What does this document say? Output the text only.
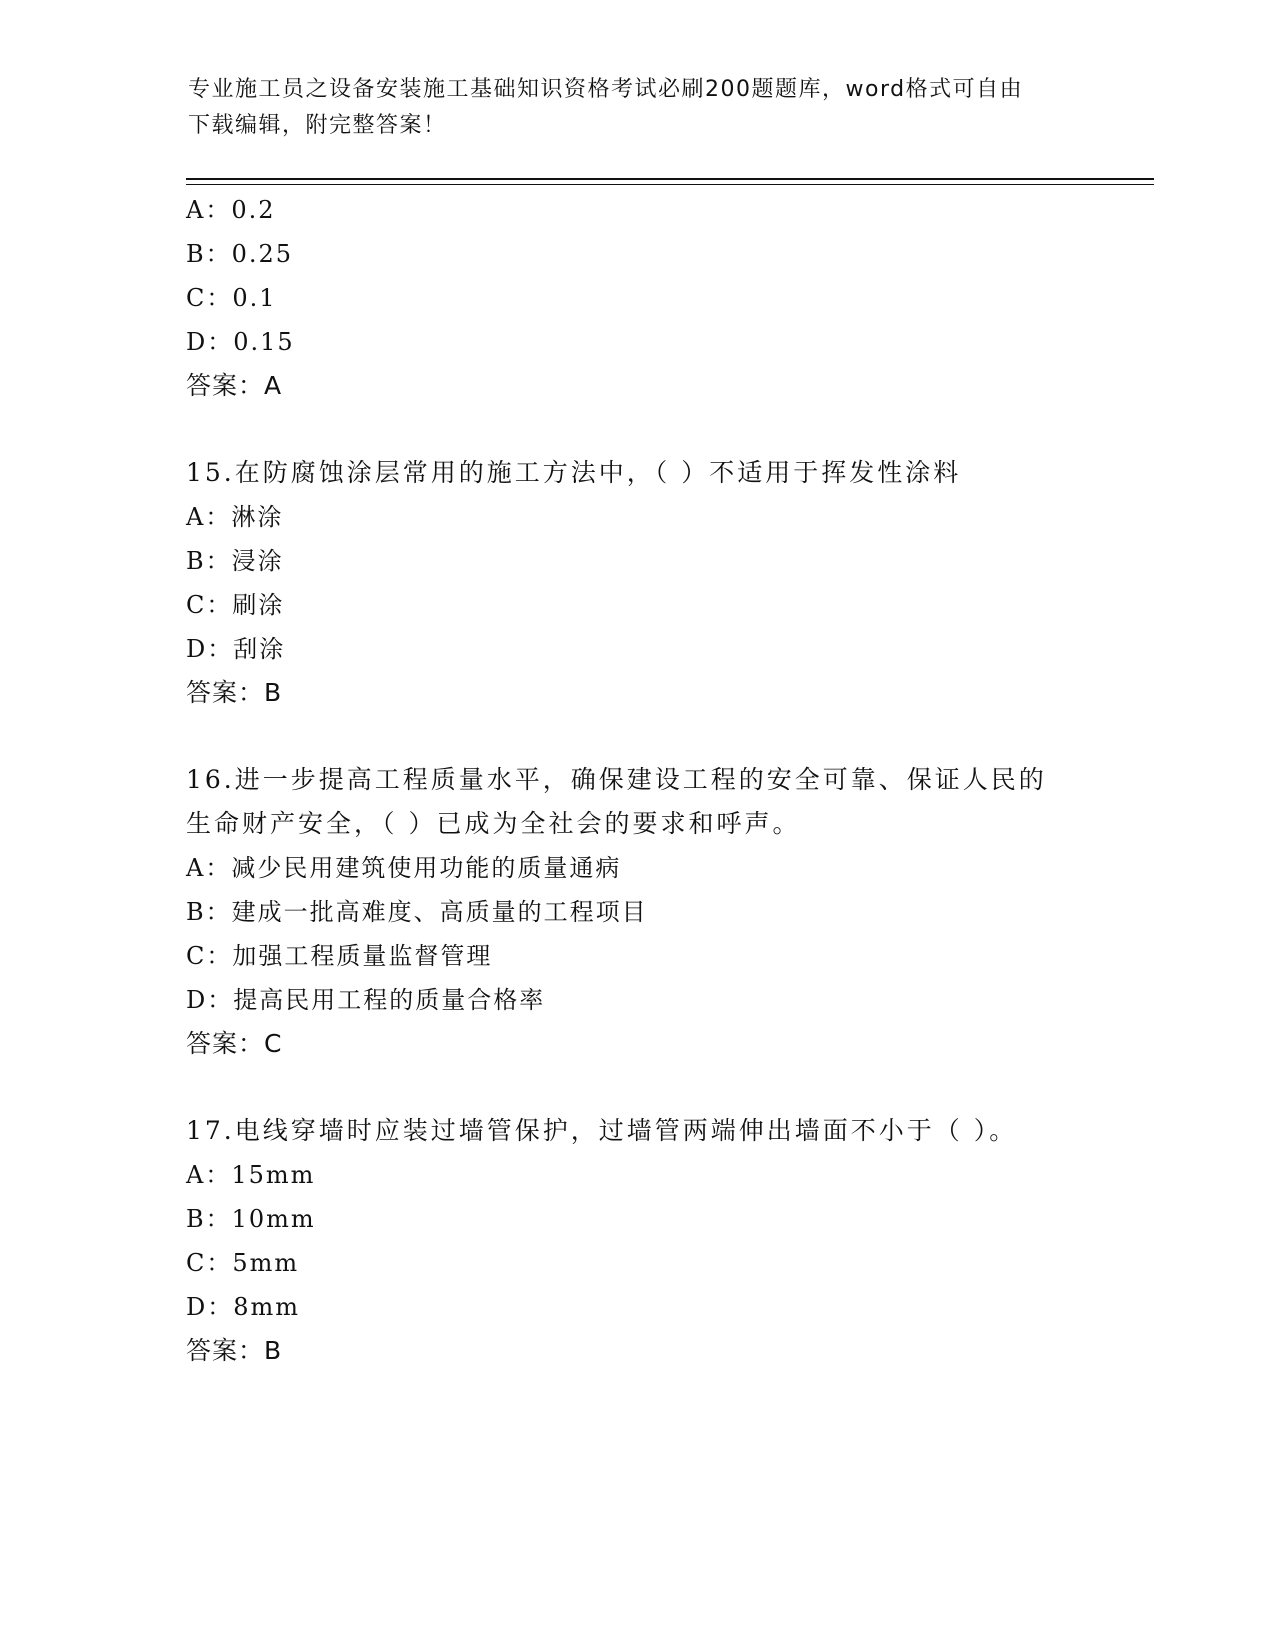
专业施工员之设备安装施工基础知识资格考试必刷200题题库，word格式可自由
下载编辑，附完整答案！
A：0.2
B：0.25
C：0.1
D：0.15
答案：A
15.在防腐蚀涂层常用的施工方法中，（ ）不适用于挥发性涂料
A：淋涂
B：浸涂
C：刷涂
D：刮涂
答案：B
16.进一步提高工程质量水平，确保建设工程的安全可靠、保证人民的
生命财产安全，（ ）已成为全社会的要求和呼声。
A：减少民用建筑使用功能的质量通病
B：建成一批高难度、高质量的工程项目
C：加强工程质量监督管理
D：提高民用工程的质量合格率
答案：C
17.电线穿墙时应装过墙管保护，过墙管两端伸出墙面不小于（ ）。
A：15mm
B：10mm
C：5mm
D：8mm
答案：B
